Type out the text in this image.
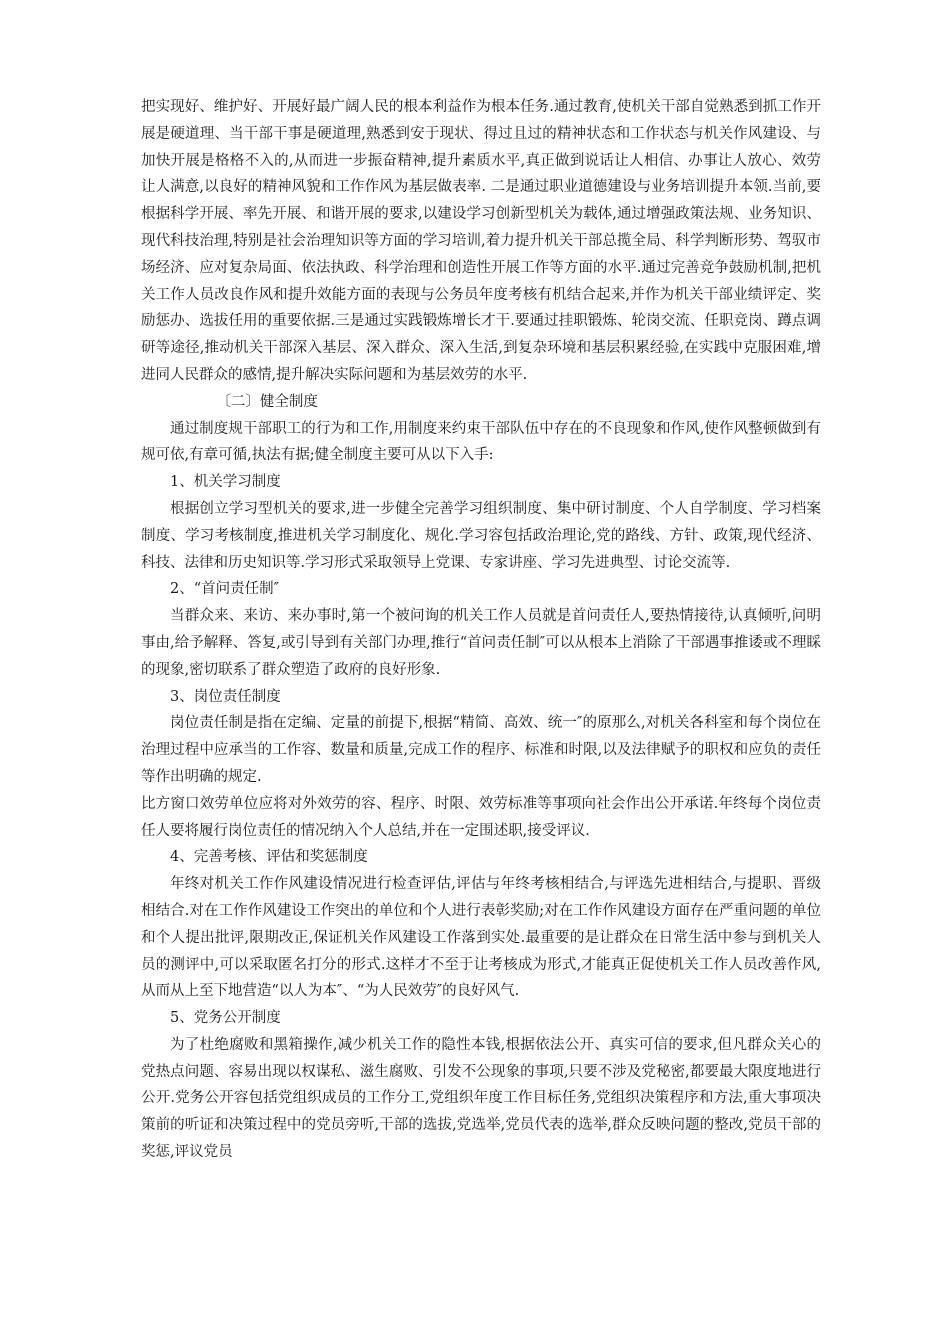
把实现好、维护好、开展好最广阔人民的根本利益作为根本任务.通过教育,使机关干部自觉熟悉到抓工作开展是硬道理、当干部干事是硬道理,熟悉到安于现状、得过且过的精神状态和工作状态与机关作风建设、与加快开展是格格不入的,从而进一步振奋精神,提升素质水平,真正做到说话让人相信、办事让人放心、效劳让人满意,以良好的精神风貌和工作作风为基层做表率. 二是通过职业道德建设与业务培训提升本领.当前,要根据科学开展、率先开展、和谐开展的要求,以建设学习创新型机关为载体,通过增强政策法规、业务知识、现代科技治理,特别是社会治理知识等方面的学习培训,着力提升机关干部总揽全局、科学判断形势、驾驭市场经济、应对复杂局面、依法执政、科学治理和创造性开展工作等方面的水平.通过完善竞争鼓励机制,把机关工作人员改良作风和提升效能方面的表现与公务员年度考核有机结合起来,并作为机关干部业绩评定、奖励惩办、选拔任用的重要依据.三是通过实践锻炼增长才干.要通过挂职锻炼、轮岗交流、任职竞岗、蹲点调研等途径,推动机关干部深入基层、深入群众、深入生活,到复杂环境和基层积累经验,在实践中克服困难,增进同人民群众的感情,提升解决实际问题和为基层效劳的水平.

〔二〕健全制度

通过制度规干部职工的行为和工作,用制度来约束干部队伍中存在的不良现象和作风,使作风整顿做到有规可依,有章可循,执法有据;健全制度主要可从以下入手:

1、机关学习制度

根据创立学习型机关的要求,进一步健全完善学习组织制度、集中研讨制度、个人自学制度、学习档案制度、学习考核制度,推进机关学习制度化、规化.学习容包括政治理论,党的路线、方针、政策,现代经济、科技、法律和历史知识等.学习形式采取领导上党课、专家讲座、学习先进典型、讨论交流等.

2、“首问责任制″

当群众来、来访、来办事时,第一个被问询的机关工作人员就是首问责任人,要热情接待,认真倾听,问明事由,给予解释、答复,或引导到有关部门办理,推行“首问责任制″可以从根本上消除了干部遇事推诿或不理睬的现象,密切联系了群众塑造了政府的良好形象.

3、岗位责任制度

岗位责任制是指在定编、定量的前提下,根据“精简、高效、统一″的原那么,对机关各科室和每个岗位在治理过程中应承当的工作容、数量和质量,完成工作的程序、标准和时限,以及法律赋予的职权和应负的责任等作出明确的规定.

比方窗口效劳单位应将对外效劳的容、程序、时限、效劳标准等事项向社会作出公开承诺.年终每个岗位责任人要将履行岗位责任的情况纳入个人总结,并在一定围述职,接受评议.

4、完善考核、评估和奖惩制度

年终对机关工作作风建设情况进行检查评估,评估与年终考核相结合,与评选先进相结合,与提职、晋级相结合.对在工作作风建设工作突出的单位和个人进行表彰奖励;对在工作作风建设方面存在严重问题的单位和个人提出批评,限期改正,保证机关作风建设工作落到实处.最重要的是让群众在日常生活中参与到机关人员的测评中,可以采取匿名打分的形式.这样才不至于让考核成为形式,才能真正促使机关工作人员改善作风,从而从上至下地营造“以人为本″、“为人民效劳″的良好风气.

5、党务公开制度

为了杜绝腐败和黑箱操作,减少机关工作的隐性本钱,根据依法公开、真实可信的要求,但凡群众关心的党热点问题、容易出现以权谋私、滋生腐败、引发不公现象的事项,只要不涉及党秘密,都要最大限度地进行公开.党务公开容包括党组织成员的工作分工,党组织年度工作目标任务,党组织决策程序和方法,重大事项决策前的听证和决策过程中的党员旁听,干部的选拔,党选举,党员代表的选举,群众反映问题的整改,党员干部的奖惩,评议党员
